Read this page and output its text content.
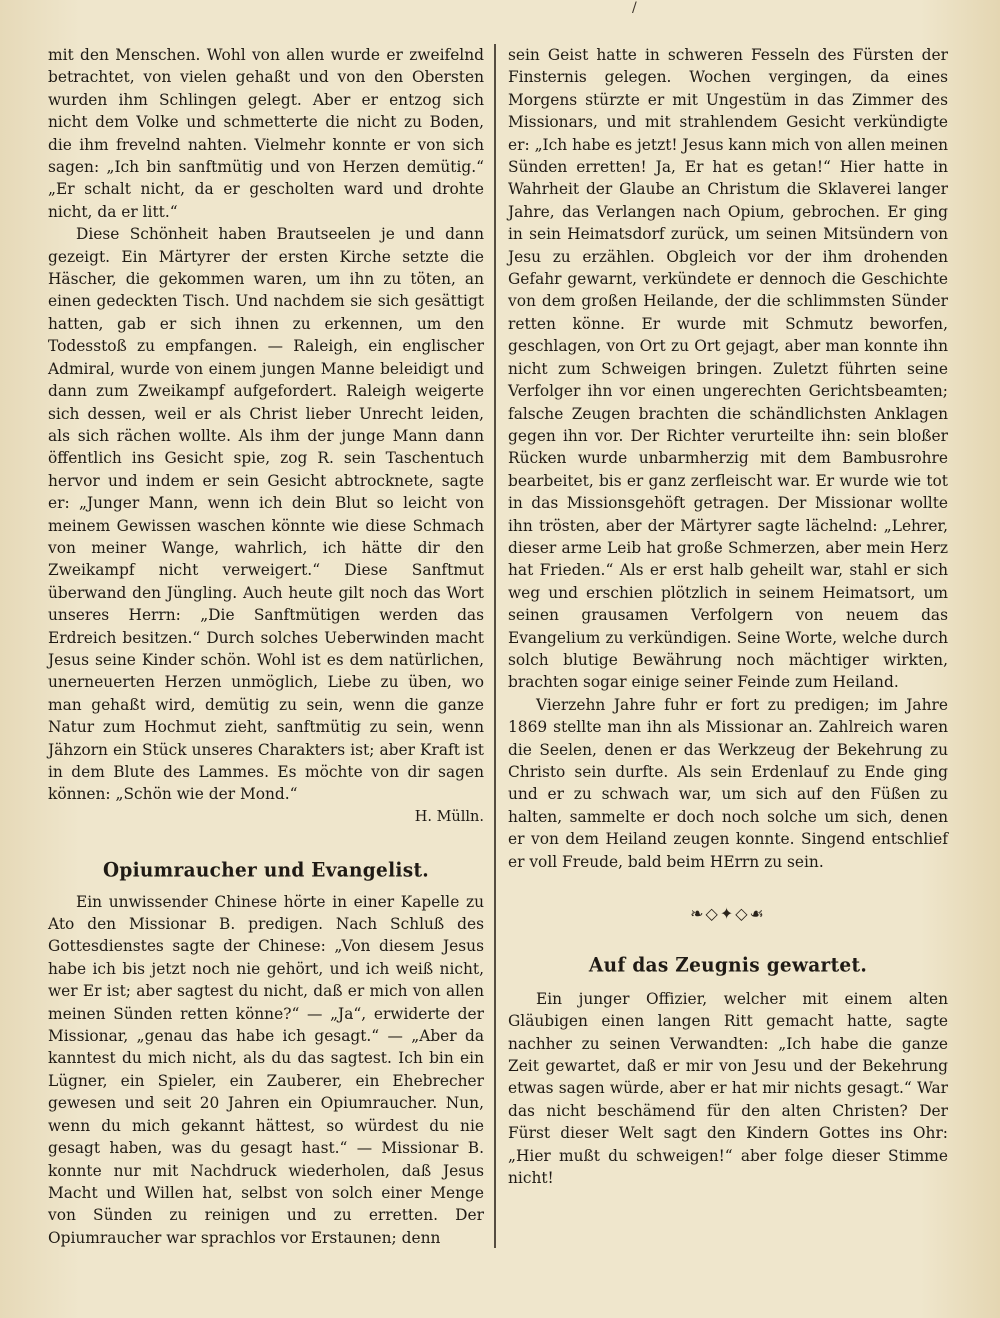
/

mit den Menschen. Wohl von allen wurde er zweifelnd betrachtet, von vielen gehaßt und von den Obersten wurden ihm Schlingen gelegt. Aber er entzog sich nicht dem Volke und schmetterte die nicht zu Boden, die ihm frevelnd nahten. Vielmehr konnte er von sich sagen: „Ich bin sanftmütig und von Herzen demütig.“ „Er schalt nicht, da er gescholten ward und drohte nicht, da er litt.“

Diese Schönheit haben Brautseelen je und dann gezeigt. Ein Märtyrer der ersten Kirche setzte die Häscher, die gekommen waren, um ihn zu töten, an einen gedeckten Tisch. Und nachdem sie sich gesättigt hatten, gab er sich ihnen zu erkennen, um den Todesstoß zu empfangen. — Raleigh, ein englischer Admiral, wurde von einem jungen Manne beleidigt und dann zum Zweikampf aufgefordert. Raleigh weigerte sich dessen, weil er als Christ lieber Unrecht leiden, als sich rächen wollte. Als ihm der junge Mann dann öffentlich ins Gesicht spie, zog R. sein Taschentuch hervor und indem er sein Gesicht abtrocknete, sagte er: „Junger Mann, wenn ich dein Blut so leicht von meinem Gewissen waschen könnte wie diese Schmach von meiner Wange, wahrlich, ich hätte dir den Zweikampf nicht verweigert.“ Diese Sanftmut überwand den Jüngling. Auch heute gilt noch das Wort unseres Herrn: „Die Sanftmütigen werden das Erdreich besitzen.“ Durch solches Ueberwinden macht Jesus seine Kinder schön. Wohl ist es dem natürlichen, unerneuerten Herzen unmöglich, Liebe zu üben, wo man gehaßt wird, demütig zu sein, wenn die ganze Natur zum Hochmut zieht, sanftmütig zu sein, wenn Jähzorn ein Stück unseres Charakters ist; aber Kraft ist in dem Blute des Lammes. Es möchte von dir sagen können: „Schön wie der Mond.“

H. Mülln.

Opiumraucher und Evangelist.

Ein unwissender Chinese hörte in einer Kapelle zu Ato den Missionar B. predigen. Nach Schluß des Gottesdienstes sagte der Chinese: „Von diesem Jesus habe ich bis jetzt noch nie gehört, und ich weiß nicht, wer Er ist; aber sagtest du nicht, daß er mich von allen meinen Sünden retten könne?“ — „Ja“, erwiderte der Missionar, „genau das habe ich gesagt.“ — „Aber da kanntest du mich nicht, als du das sagtest. Ich bin ein Lügner, ein Spieler, ein Zauberer, ein Ehebrecher gewesen und seit 20 Jahren ein Opiumraucher. Nun, wenn du mich gekannt hättest, so würdest du nie gesagt haben, was du gesagt hast.“ — Missionar B. konnte nur mit Nachdruck wiederholen, daß Jesus Macht und Willen hat, selbst von solch einer Menge von Sünden zu reinigen und zu erretten. Der Opiumraucher war sprachlos vor Erstaunen; denn

sein Geist hatte in schweren Fesseln des Fürsten der Finsternis gelegen. Wochen vergingen, da eines Morgens stürzte er mit Ungestüm in das Zimmer des Missionars, und mit strahlendem Gesicht verkündigte er: „Ich habe es jetzt! Jesus kann mich von allen meinen Sünden erretten! Ja, Er hat es getan!“ Hier hatte in Wahrheit der Glaube an Christum die Sklaverei langer Jahre, das Verlangen nach Opium, gebrochen. Er ging in sein Heimatsdorf zurück, um seinen Mitsündern von Jesu zu erzählen. Obgleich vor der ihm drohenden Gefahr gewarnt, verkündete er dennoch die Geschichte von dem großen Heilande, der die schlimmsten Sünder retten könne. Er wurde mit Schmutz beworfen, geschlagen, von Ort zu Ort gejagt, aber man konnte ihn nicht zum Schweigen bringen. Zuletzt führten seine Verfolger ihn vor einen ungerechten Gerichtsbeamten; falsche Zeugen brachten die schändlichsten Anklagen gegen ihn vor. Der Richter verurteilte ihn: sein bloßer Rücken wurde unbarmherzig mit dem Bambusrohre bearbeitet, bis er ganz zerfleischt war. Er wurde wie tot in das Missionsgehöft getragen. Der Missionar wollte ihn trösten, aber der Märtyrer sagte lächelnd: „Lehrer, dieser arme Leib hat große Schmerzen, aber mein Herz hat Frieden.“ Als er erst halb geheilt war, stahl er sich weg und erschien plötzlich in seinem Heimatsort, um seinen grausamen Verfolgern von neuem das Evangelium zu verkündigen. Seine Worte, welche durch solch blutige Bewährung noch mächtiger wirkten, brachten sogar einige seiner Feinde zum Heiland.

Vierzehn Jahre fuhr er fort zu predigen; im Jahre 1869 stellte man ihn als Missionar an. Zahlreich waren die Seelen, denen er das Werkzeug der Bekehrung zu Christo sein durfte. Als sein Erdenlauf zu Ende ging und er zu schwach war, um sich auf den Füßen zu halten, sammelte er doch noch solche um sich, denen er von dem Heiland zeugen konnte. Singend entschlief er voll Freude, bald beim HErrn zu sein.

❧◇✦◇☙
Auf das Zeugnis gewartet.

Ein junger Offizier, welcher mit einem alten Gläubigen einen langen Ritt gemacht hatte, sagte nachher zu seinen Verwandten: „Ich habe die ganze Zeit gewartet, daß er mir von Jesu und der Bekehrung etwas sagen würde, aber er hat mir nichts gesagt.“ War das nicht beschämend für den alten Christen? Der Fürst dieser Welt sagt den Kindern Gottes ins Ohr: „Hier mußt du schweigen!“ aber folge dieser Stimme nicht!
